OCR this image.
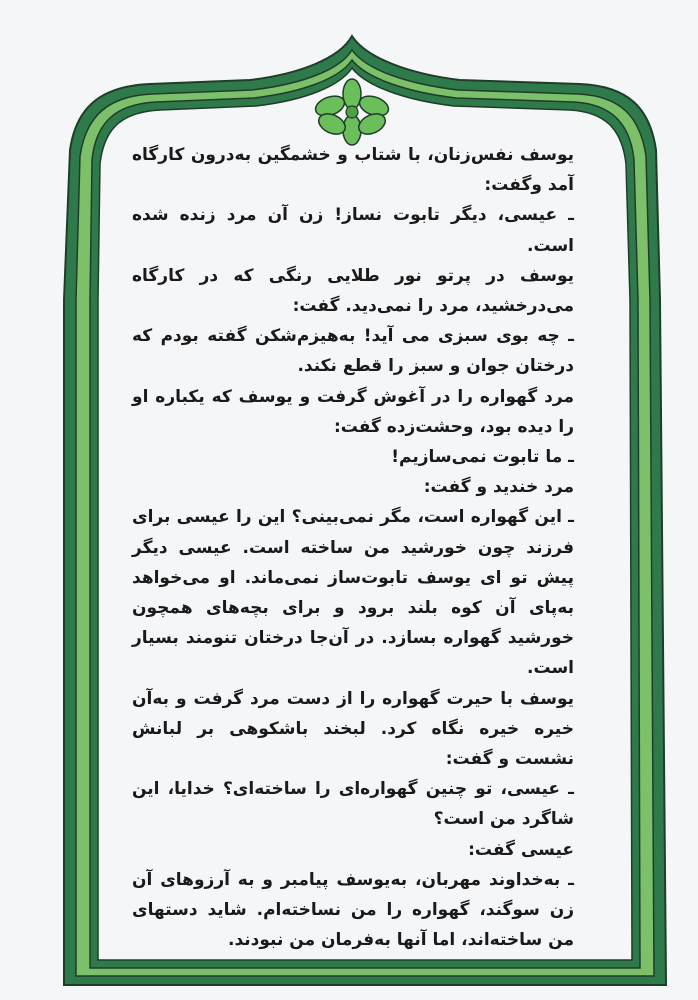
یوسف نفس‌زنان، با شتاب و خشمگین به‌درون کارگاه آمد وگفت:

ـ عیسی، دیگر تابوت نساز! زن آن مرد زنده شده است.

یوسف در پرتو نور طلایی رنگی که در کارگاه می‌درخشید، مرد را نمی‌دید. گفت:

ـ چه بوی سبزی می آید! به‌هیزم‌شکن گفته بودم که درختان جوان و سبز را قطع نکند.

مرد گهواره را در آغوش گرفت و یوسف که یکباره او را دیده بود، وحشت‌زده گفت:

ـ ما تابوت نمی‌سازیم!

مرد خندید و گفت:

ـ این گهواره است، مگر نمی‌بینی؟ این را عیسی برای فرزند چون خورشید من ساخته است. عیسی دیگر پیش تو ای یوسف تابوت‌ساز نمی‌ماند. او می‌خواهد به‌پای آن کوه بلند برود و برای بچه‌های همچون خورشید گهواره بسازد. در آن‌جا درختان تنومند بسیار است.

یوسف با حیرت گهواره را از دست مرد گرفت و به‌آن خیره خیره نگاه کرد. لبخند باشکوهی بر لبانش نشست و گفت:

ـ عیسی، تو چنین گهواره‌ای را ساخته‌ای؟ خدایا، این شاگرد من است؟

عیسی گفت:

ـ به‌خداوند مهربان، به‌یوسف پیامبر و به آرزوهای آن زن سوگند، گهواره را من نساخته‌ام. شاید دستهای من ساخته‌اند، اما آنها به‌فرمان من نبودند.
